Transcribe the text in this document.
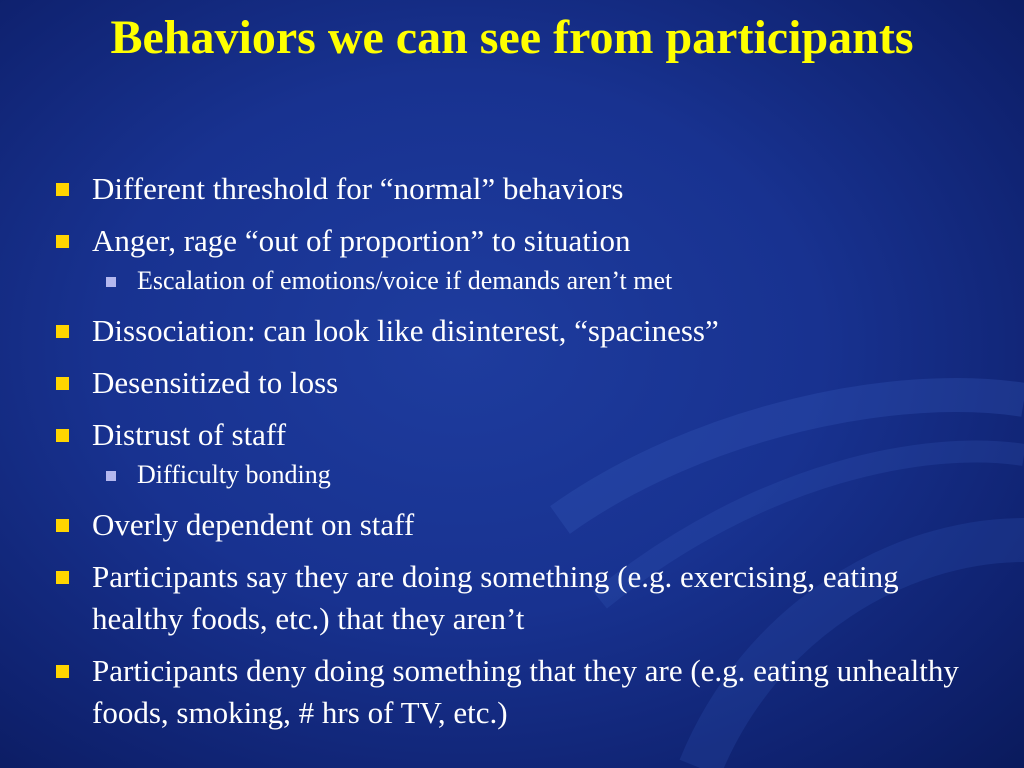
Behaviors we can see from participants
Different threshold for “normal” behaviors
Anger, rage “out of proportion” to situation
Escalation of emotions/voice if demands aren’t met
Dissociation: can look like disinterest, “spaciness”
Desensitized to loss
Distrust of staff
Difficulty bonding
Overly dependent on staff
Participants say they are doing something (e.g. exercising, eating healthy foods, etc.) that they aren’t
Participants deny doing something that they are (e.g. eating unhealthy foods, smoking, # hrs of TV, etc.)
